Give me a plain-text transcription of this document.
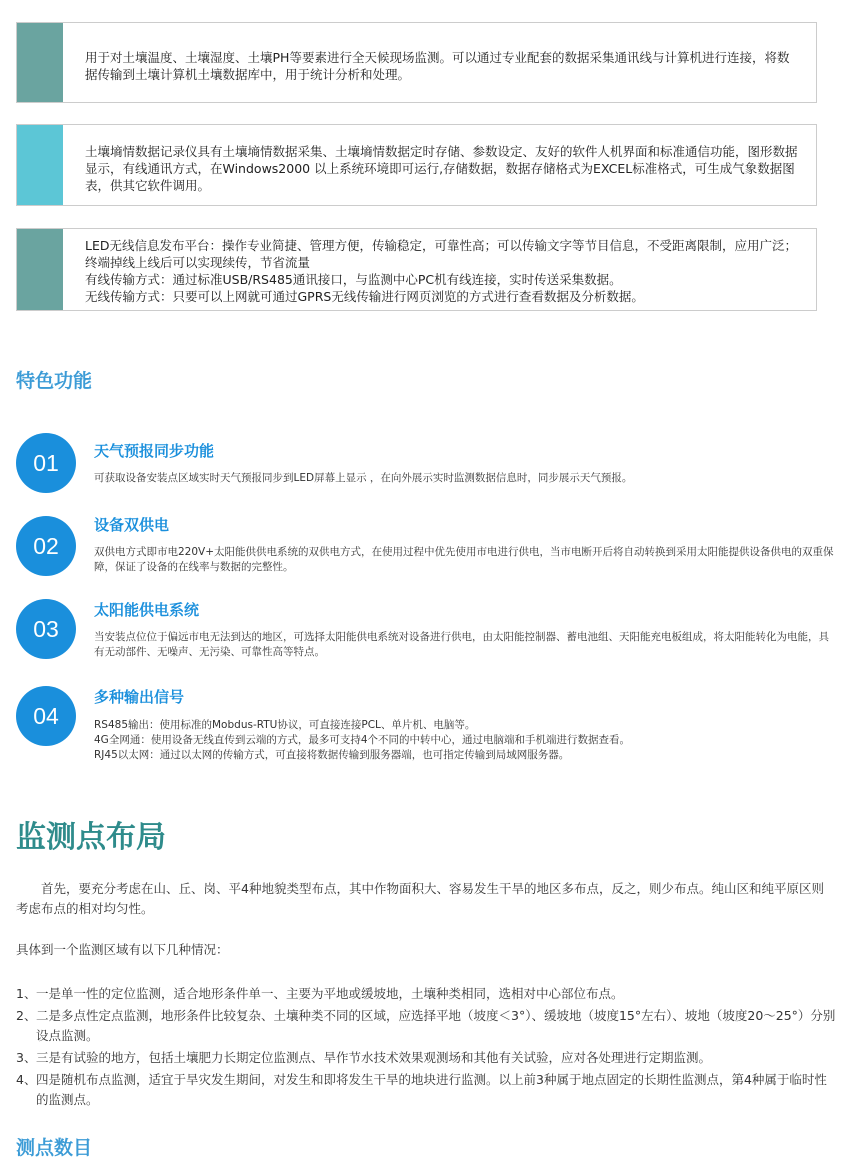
用于对土壤温度、土壤湿度、土壤PH等要素进行全天候现场监测。可以通过专业配套的数据采集通讯线与计算机进行连接，将数据传输到土壤计算机土壤数据库中，用于统计分析和处理。

土壤墒情数据记录仪具有土壤墒情数据采集、土壤墒情数据定时存储、参数设定、友好的软件人机界面和标准通信功能，图形数据显示，有线通讯方式，在Windows2000 以上系统环境即可运行,存储数据，数据存储格式为EXCEL标准格式，可生成气象数据图表，供其它软件调用。

LED无线信息发布平台：操作专业简捷、管理方便，传输稳定，可靠性高；可以传输文字等节目信息，不受距离限制，应用广泛；终端掉线上线后可以实现续传，节省流量

有线传输方式：通过标准USB/RS485通讯接口，与监测中心PC机有线连接，实时传送采集数据。

无线传输方式：只要可以上网就可通过GPRS无线传输进行网页浏览的方式进行查看数据及分析数据。

特色功能
01	天气预报同步功能

可获取设备安装点区域实时天气预报同步到LED屏幕上显示 ，在向外展示实时监测数据信息时，同步展示天气预报。

02
设备双供电

双供电方式即市电220V+太阳能供供电系统的双供电方式，在使用过程中优先使用市电进行供电，当市电断开后将自动转换到采用太阳能提供设备供电的双重保障，保证了设备的在线率与数据的完整性。

03
太阳能供电系统

当安装点位位于偏远市电无法到达的地区，可选择太阳能供电系统对设备进行供电，由太阳能控制器、蓄电池组、天阳能充电板组成，将太阳能转化为电能，具有无动部件、无噪声、无污染、可靠性高等特点。

04
多种输出信号

RS485输出：使用标准的Mobdus-RTU协议，可直接连接PCL、单片机、电脑等。

4G全网通：使用设备无线直传到云端的方式，最多可支持4个不同的中转中心，通过电脑端和手机端进行数据查看。

RJ45以太网：通过以太网的传输方式，可直接将数据传输到服务器端，也可指定传输到局域网服务器。

监测点布局

　　首先，要充分考虑在山、丘、岗、平4种地貌类型布点，其中作物面积大、容易发生干旱的地区多布点，反之，则少布点。纯山区和纯平原区则考虑布点的相对均匀性。

具体到一个监测区域有以下几种情况：

1、 一是单一性的定位监测，适合地形条件单一、主要为平地或缓坡地，土壤种类相同，选相对中心部位布点。
2、 二是多点性定点监测，地形条件比较复杂、土壤种类不同的区域，应选择平地（坡度＜3°）、缓坡地（坡度15°左右）、坡地（坡度20～25°）分别设点监测。
3、 三是有试验的地方，包括土壤肥力长期定位监测点、旱作节水技术效果观测场和其他有关试验，应对各处理进行定期监测。
4、 四是随机布点监测，适宜于旱灾发生期间，对发生和即将发生干旱的地块进行监测。以上前3种属于地点固定的长期性监测点，第4种属于临时性的监测点。
测点数目
